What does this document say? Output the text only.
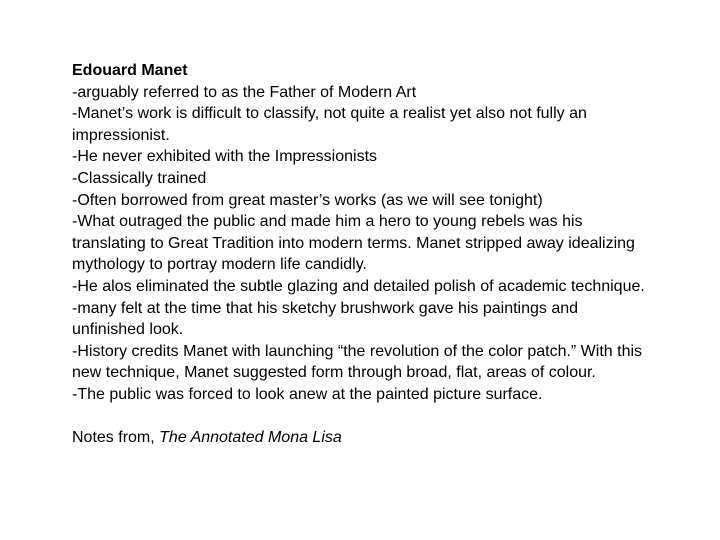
Edouard Manet
-arguably referred to as the Father of Modern Art
-Manet’s work is difficult to classify, not quite a realist yet also not fully an impressionist.
-He never exhibited with the Impressionists
-Classically trained
-Often borrowed from great master’s works (as we will see tonight)
-What outraged the public and made him a hero to young rebels was his translating to Great Tradition into modern terms. Manet stripped away idealizing mythology to portray modern life candidly.
-He alos eliminated the subtle glazing and detailed polish of academic technique.
-many felt at the time that his sketchy brushwork gave his paintings and unfinished look.
-History credits Manet with launching “the revolution of the color patch.” With this new technique, Manet suggested form through broad, flat, areas of colour.
-The public was forced to look anew at the painted picture surface.
Notes from, The Annotated Mona Lisa
